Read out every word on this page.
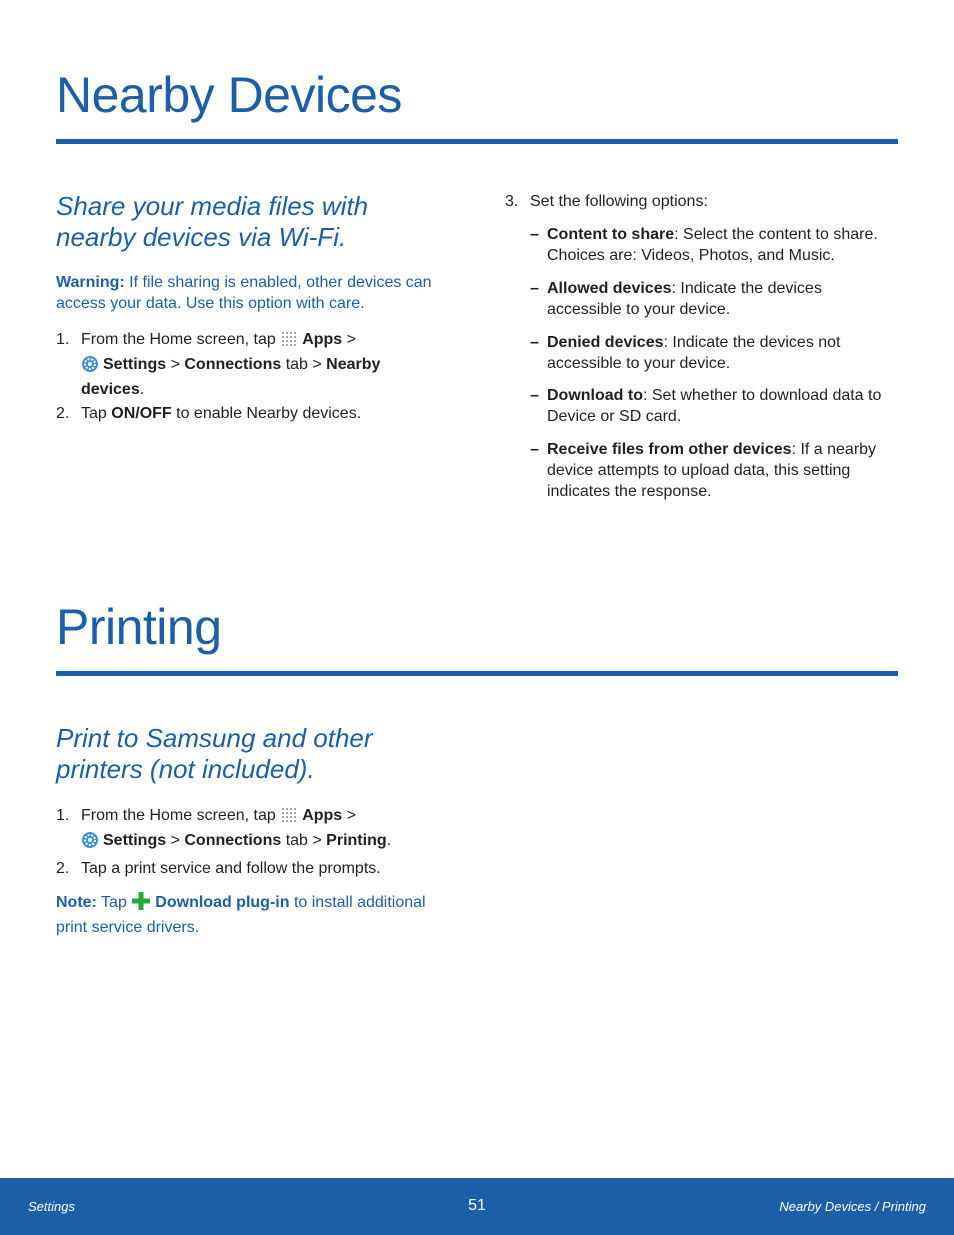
Nearby Devices

Share your media files with
nearby devices via Wi-Fi.

Warning: If file sharing is enabled, other devices can
access your data. Use this option with care.
1. From the Home screen, tap Apps >
Settings > Connections tab > Nearby
devices.
2. Tap ON/OFF to enable Nearby devices.
3. Set the following options:
– Content to share: Select the content to share.
Choices are: Videos, Photos, and Music.
– Allowed devices: Indicate the devices
accessible to your device.
– Denied devices: Indicate the devices not
accessible to your device.
– Download to: Set whether to download data to
Device or SD card.
– Receive files from other devices: If a nearby
device attempts to upload data, this setting
indicates the response.
Printing

Print to Samsung and other
printers (not included).

1. From the Home screen, tap Apps >
Settings > Connections tab > Printing.
2. Tap a print service and follow the prompts.
Note: Tap Download plug-in to install additional
print service drivers.
Settings	51	Nearby Devices / Printing
